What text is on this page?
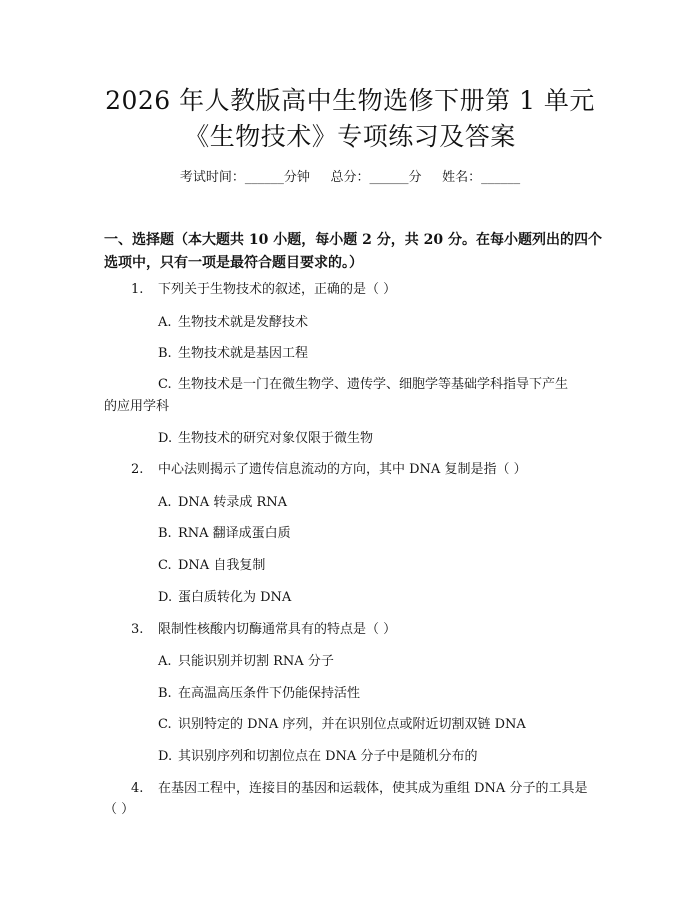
2026 年人教版高中生物选修下册第 1 单元
《生物技术》专项练习及答案
考试时间：______分钟     总分：______分     姓名：______
一、选择题（本大题共 10 小题，每小题 2 分，共 20 分。在每小题列出的四个选项中，只有一项是最符合题目要求的。）
1. 下列关于生物技术的叙述，正确的是（ ）
A. 生物技术就是发酵技术
B. 生物技术就是基因工程
C. 生物技术是一门在微生物学、遗传学、细胞学等基础学科指导下产生
的应用学科
D. 生物技术的研究对象仅限于微生物
2. 中心法则揭示了遗传信息流动的方向，其中 DNA 复制是指（ ）
A. DNA 转录成 RNA
B. RNA 翻译成蛋白质
C. DNA 自我复制
D. 蛋白质转化为 DNA
3. 限制性核酸内切酶通常具有的特点是（ ）
A. 只能识别并切割 RNA 分子
B. 在高温高压条件下仍能保持活性
C. 识别特定的 DNA 序列，并在识别位点或附近切割双链 DNA
D. 其识别序列和切割位点在 DNA 分子中是随机分布的
4. 在基因工程中，连接目的基因和运载体，使其成为重组 DNA 分子的工具是
（ ）
